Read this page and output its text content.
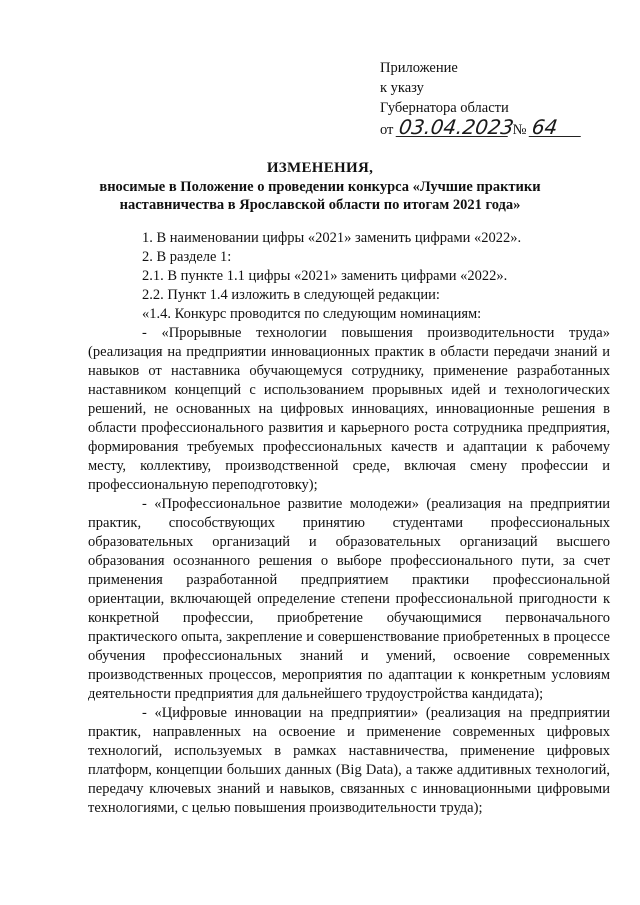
Приложение
к указу
Губернатора области
от 03.04.2023 № 64
ИЗМЕНЕНИЯ,
вносимые в Положение о проведении конкурса «Лучшие практики наставничества в Ярославской области по итогам 2021 года»

1. В наименовании цифры «2021» заменить цифрами «2022».

2. В разделе 1:

2.1. В пункте 1.1 цифры «2021» заменить цифрами «2022».

2.2. Пункт 1.4 изложить в следующей редакции:

«1.4. Конкурс проводится по следующим номинациям:

- «Прорывные технологии повышения производительности труда» (реализация на предприятии инновационных практик в области передачи знаний и навыков от наставника обучающемуся сотруднику, применение разработанных наставником концепций с использованием прорывных идей и технологических решений, не основанных на цифровых инновациях, инновационные решения в области профессионального развития и карьерного роста сотрудника предприятия, формирования требуемых профессиональных качеств и адаптации к рабочему месту, коллективу, производственной среде, включая смену профессии и профессиональную переподготовку);

- «Профессиональное развитие молодежи» (реализация на предприятии практик, способствующих принятию студентами профессиональных образовательных организаций и образовательных организаций высшего образования осознанного решения о выборе профессионального пути, за счет применения разработанной предприятием практики профессиональной ориентации, включающей определение степени профессиональной пригодности к конкретной профессии, приобретение обучающимися первоначального практического опыта, закрепление и совершенствование приобретенных в процессе обучения профессиональных знаний и умений, освоение современных производственных процессов, мероприятия по адаптации к конкретным условиям деятельности предприятия для дальнейшего трудоустройства кандидата);

- «Цифровые инновации на предприятии» (реализация на предприятии практик, направленных на освоение и применение современных цифровых технологий, используемых в рамках наставничества, применение цифровых платформ, концепции больших данных (Big Data), а также аддитивных технологий, передачу ключевых знаний и навыков, связанных с инновационными цифровыми технологиями, с целью повышения производительности труда);
